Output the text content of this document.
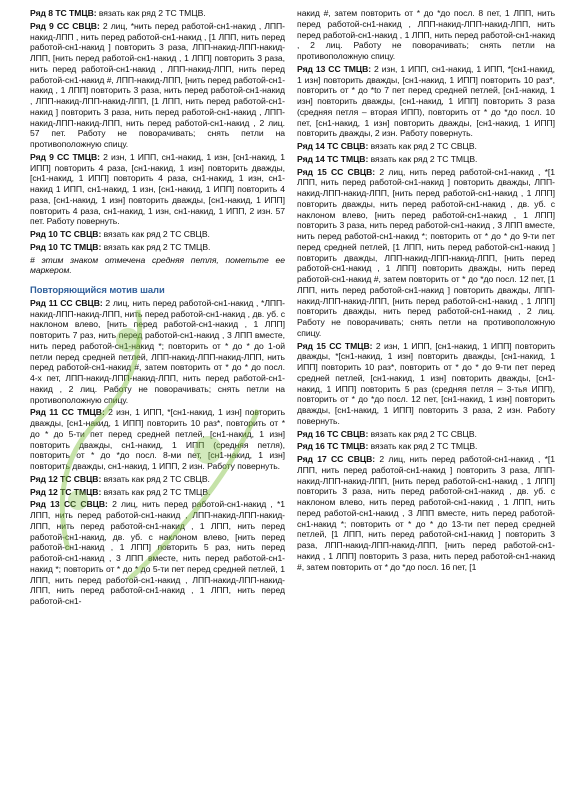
Ряд 8 ТС ТМЦВ: вязать как ряд 2 ТС ТМЦВ.

Ряд 9 СС СВЦВ: 2 лиц, *нить перед работой-сн1-накид , ЛПП-накид-ЛПП , нить перед работой-сн1-накид , [1 ЛПП, нить перед работой-сн1-накид ] повторить 3 раза, ЛПП-накид-ЛПП-накид-ЛПП, [нить перед работой-сн1-накид , 1 ЛПП] повторить 3 раза, нить перед работой-сн1-накид , ЛПП-накид-ЛПП, нить перед работой-сн1-накид #, ЛПП-накид-ЛПП, [нить перед работой-сн1-накид , 1 ЛПП] повторить 3 раза, нить перед работой-сн1-накид , ЛПП-накид-ЛПП-накид-ЛПП, [1 ЛПП, нить перед работой-сн1-накид ] повторить 3 раза, нить перед работой-сн1-накид , ЛПП-накид-ЛПП-накид-ЛПП, нить перед работой-сн1-накид , 2 лиц. 57 пет. Работу не поворачивать; снять петли на противоположную спицу.

Ряд 9 СС ТМЦВ: 2 изн, 1 ИПП, сн1-накид, 1 изн, [сн1-накид, 1 ИПП] повторить 4 раза, [сн1-накид, 1 изн] повторить дважды, [сн1-накид, 1 ИПП] повторить 4 раза, сн1-накид, 1 изн, сн1-накид 1 ИПП, сн1-накид, 1 изн, [сн1-накид, 1 ИПП] повторить 4 раза, [сн1-накид, 1 изн] повторить дважды, [сн1-накид, 1 ИПП] повторить 4 раза, сн1-накид, 1 изн, сн1-накид, 1 ИПП, 2 изн. 57 пет. Работу повернуть.

Ряд 10 ТС СВЦВ: вязать как ряд 2 ТС СВЦВ.

Ряд 10 ТС ТМЦВ: вязать как ряд 2 ТС ТМЦВ.

# этим знаком отмечена средняя петля, пометьте ее маркером.

Повторяющийся мотив шали

Ряд 11 СС СВЦВ: 2 лиц, нить перед работой-сн1-накид , *ЛПП-накид-ЛПП-накид-ЛПП, нить перед работой-сн1-накид , дв. уб. с наклоном влево, [нить перед работой-сн1-накид , 1 ЛПП] повторить 7 раз, нить перед работой-сн1-накид , 3 ЛПП вместе, нить перед работой-сн1-накид *; повторить от * до * до 1-ой петли перед средней петлей, ЛПП-накид-ЛПП-накид-ЛПП, нить перед работой-сн1-накид #, затем повторить от * до * до посл. 4-х пет, ЛПП-накид-ЛПП-накид-ЛПП, нить перед работой-сн1-накид , 2 лиц. Работу не поворачивать; снять петли на противоположную спицу.

Ряд 11 СС ТМЦВ: 2 изн, 1 ИПП, *[сн1-накид, 1 изн] повторить дважды, [сн1-накид, 1 ИПП] повторить 10 раз*, повторить от * до * до 5-ти пет перед средней петлей, [сн1-накид, 1 изн] повторить дважды, сн1-накид, 1 ИПП (средняя петля), повторить от * до *до посл. 8-ми пет, [сн1-накид, 1 изн] повторить дважды, сн1-накид, 1 ИПП, 2 изн. Работу повернуть.

Ряд 12 ТС СВЦВ: вязать как ряд 2 ТС СВЦВ.

Ряд 12 ТС ТМЦВ: вязать как ряд 2 ТС ТМЦВ.

Ряд 13 СС СВЦВ: 2 лиц, нить перед работой-сн1-накид , *1 ЛПП, нить перед работой-сн1-накид , ЛПП-накид-ЛПП-накид-ЛПП, нить перед работой-сн1-накид , 1 ЛПП, нить перед работой-сн1-накид, дв. уб. с наклоном влево, [нить перед работой-сн1-накид , 1 ЛПП] повторить 5 раз, нить перед работой-сн1-накид , 3 ЛПП вместе, нить перед работой-сн1-накид *; повторить от * до * до 5-ти пет перед средней петлей, 1 ЛПП, нить перед работой-сн1-накид , ЛПП-накид-ЛПП-накид-ЛПП, нить перед работой-сн1-накид , 1 ЛПП, нить перед работой-сн1-

накид #, затем повторить от * до *до посл. 8 пет, 1 ЛПП, нить перед работой-сн1-накид , ЛПП-накид-ЛПП-накид-ЛПП, нить перед работой-сн1-накид , 1 ЛПП, нить перед работой-сн1-накид , 2 лиц. Работу не поворачивать; снять петли на противоположную спицу.

Ряд 13 СС ТМЦВ: 2 изн, 1 ИПП, сн1-накид, 1 ИПП, *[сн1-накид, 1 изн] повторить дважды, [сн1-накид, 1 ИПП] повторить 10 раз*, повторить от * до *to 7 пет перед средней петлей, [сн1-накид, 1 изн] повторить дважды, [сн1-накид, 1 ИПП] повторить 3 раза (средняя петля – вторая ИПП), повторить от * до *до посл. 10 пет, [сн1-накид, 1 изн] повторить дважды, [сн1-накид, 1 ИПП] повторить дважды, 2 изн. Работу повернуть.

Ряд 14 ТС СВЦВ: вязать как ряд 2 ТС СВЦВ.

Ряд 14 ТС ТМЦВ: вязать как ряд 2 ТС ТМЦВ.

Ряд 15 СС СВЦВ: 2 лиц, нить перед работой-сн1-накид , *[1 ЛПП, нить перед работой-сн1-накид ] повторить дважды, ЛПП-накид-ЛПП-накид-ЛПП, [нить перед работой-сн1-накид , 1 ЛПП] повторить дважды, нить перед работой-сн1-накид , дв. уб. с наклоном влево, [нить перед работой-сн1-накид , 1 ЛПП] повторить 3 раза, нить перед работой-сн1-накид , 3 ЛПП вместе, нить перед работой-сн1-накид *; повторить от * до * до 9-ти пет перед средней петлей, [1 ЛПП, нить перед работой-сн1-накид ] повторить дважды, ЛПП-накид-ЛПП-накид-ЛПП, [нить перед работой-сн1-накид , 1 ЛПП] повторить дважды, нить перед работой-сн1-накид #, затем повторить от * до *до посл. 12 пет, [1 ЛПП, нить перед работой-сн1-накид ] повторить дважды, ЛПП-накид-ЛПП-накид-ЛПП, [нить перед работой-сн1-накид , 1 ЛПП] повторить дважды, нить перед работой-сн1-накид , 2 лиц. Работу не поворачивать; снять петли на противоположную спицу.

Ряд 15 СС ТМЦВ: 2 изн, 1 ИПП, [сн1-накид, 1 ИПП] повторить дважды, *[сн1-накид, 1 изн] повторить дважды, [сн1-накид, 1 ИПП] повторить 10 раз*, повторить от * до * до 9-ти пет перед средней петлей, [сн1-накид, 1 изн] повторить дважды, [сн1-накид, 1 ИПП] повторить 5 раз (средняя петля – 3-тья ИПП), повторить от * до *до посл. 12 пет, [сн1-накид, 1 изн] повторить дважды, [сн1-накид, 1 ИПП] повторить 3 раза, 2 изн. Работу повернуть.

Ряд 16 ТС СВЦВ: вязать как ряд 2 ТС СВЦВ.

Ряд 16 ТС ТМЦВ: вязать как ряд 2 ТС ТМЦВ.

Ряд 17 СС СВЦВ: 2 лиц, нить перед работой-сн1-накид , *[1 ЛПП, нить перед работой-сн1-накид ] повторить 3 раза, ЛПП-накид-ЛПП-накид-ЛПП, [нить перед работой-сн1-накид , 1 ЛПП] повторить 3 раза, нить перед работой-сн1-накид , дв. уб. с наклоном влево, нить перед работой-сн1-накид , 1 ЛПП, нить перед работой-сн1-накид , 3 ЛПП вместе, нить перед работой-сн1-накид *; повторить от * до * до 13-ти пет перед средней петлей, [1 ЛПП, нить перед работой-сн1-накид ] повторить 3 раза, ЛПП-накид-ЛПП-накид-ЛПП, [нить перед работой-сн1-накид , 1 ЛПП] повторить 3 раза, нить перед работой-сн1-накид #, затем повторить от * до *до посл. 16 пет, [1
